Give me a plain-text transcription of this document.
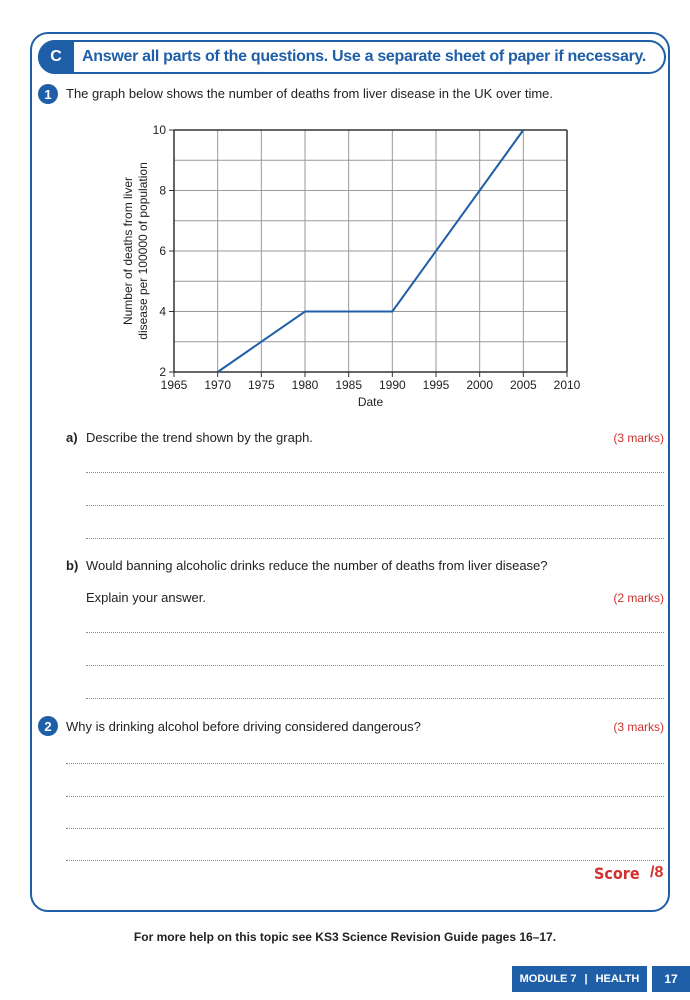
C	Answer all parts of the questions. Use a separate sheet of paper if necessary.
1	The graph below shows the number of deaths from liver disease in the UK over time.
2
4
6
8
10
1965 1970 1975 1980 1985 1990 1995 2000 2005 2010
Date
Number of deaths from liver disease per 100000 of population
a) Describe the trend shown by the graph.	(3 marks)
b) Would banning alcoholic drinks reduce the number of deaths from liver disease?
Explain your answer.	(2 marks)
2	Why is drinking alcohol before driving considered dangerous?	(3 marks)
Score /8
For more help on this topic see KS3 Science Revision Guide pages 16–17.
MODULE 7 | HEALTH	17
